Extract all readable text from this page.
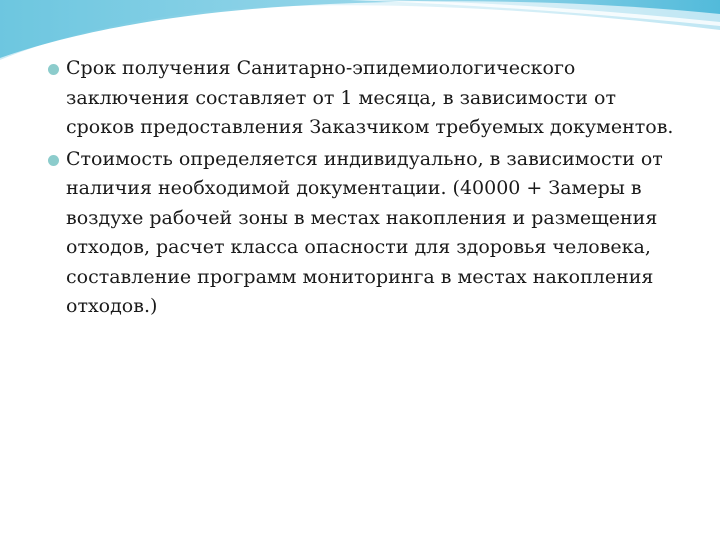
Срок получения Санитарно-эпидемиологического заключения составляет от 1 месяца, в зависимости от сроков предоставления Заказчиком требуемых документов.
Стоимость определяется индивидуально, в зависимости от наличия необходимой документации. (40000 + Замеры в воздухе рабочей зоны в местах накопления и размещения отходов, расчет класса опасности для здоровья человека, составление программ мониторинга в местах накопления отходов.)
